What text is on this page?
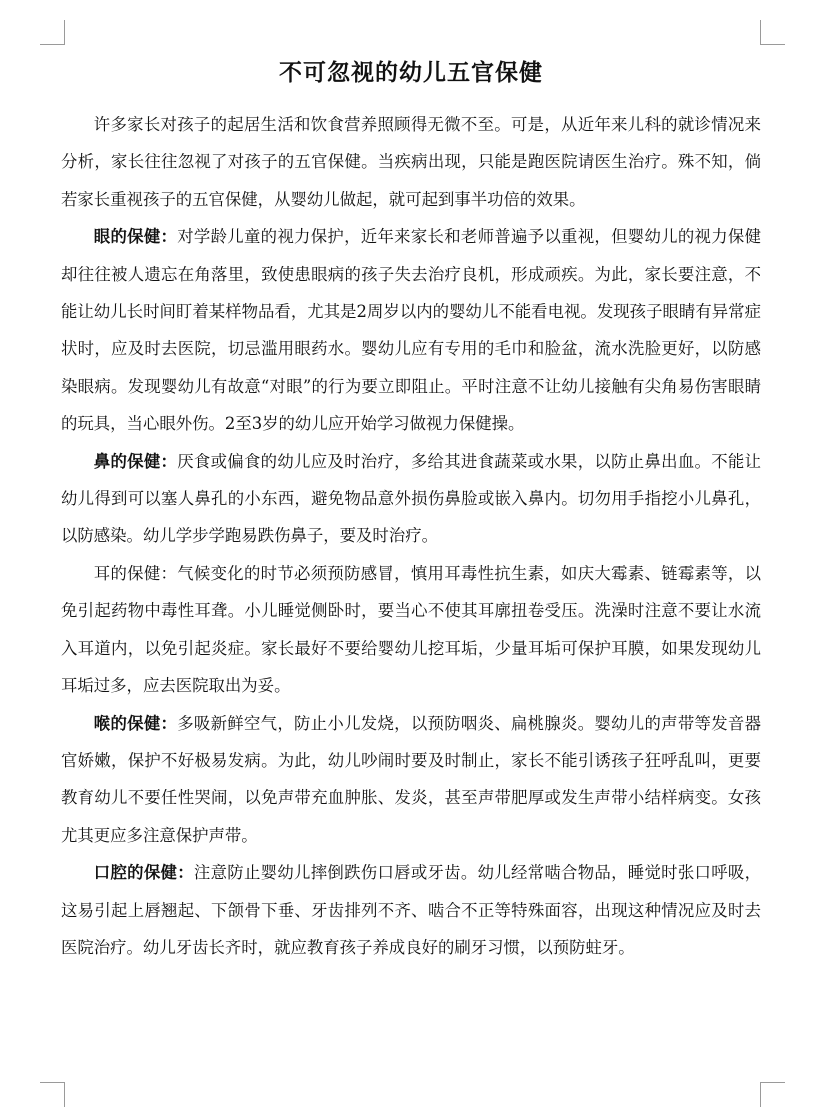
不可忽视的幼儿五官保健

许多家长对孩子的起居生活和饮食营养照顾得无微不至。可是，从近年来儿科的就诊情况来分析，家长往往忽视了对孩子的五官保健。当疾病出现，只能是跑医院请医生治疗。殊不知，倘若家长重视孩子的五官保健，从婴幼儿做起，就可起到事半功倍的效果。

眼的保健：对学龄儿童的视力保护，近年来家长和老师普遍予以重视，但婴幼儿的视力保健却往往被人遗忘在角落里，致使患眼病的孩子失去治疗良机，形成顽疾。为此，家长要注意，不能让幼儿长时间盯着某样物品看，尤其是2周岁以内的婴幼儿不能看电视。发现孩子眼睛有异常症状时，应及时去医院，切忌滥用眼药水。婴幼儿应有专用的毛巾和脸盆，流水洗脸更好，以防感染眼病。发现婴幼儿有故意“对眼”的行为要立即阻止。平时注意不让幼儿接触有尖角易伤害眼睛的玩具，当心眼外伤。2至3岁的幼儿应开始学习做视力保健操。

鼻的保健：厌食或偏食的幼儿应及时治疗，多给其进食蔬菜或水果，以防止鼻出血。不能让幼儿得到可以塞人鼻孔的小东西，避免物品意外损伤鼻脸或嵌入鼻内。切勿用手指挖小儿鼻孔，以防感染。幼儿学步学跑易跌伤鼻子，要及时治疗。

耳的保健：气候变化的时节必须预防感冒，慎用耳毒性抗生素，如庆大霉素、链霉素等，以免引起药物中毒性耳聋。小儿睡觉侧卧时，要当心不使其耳廓扭卷受压。洗澡时注意不要让水流入耳道内，以免引起炎症。家长最好不要给婴幼儿挖耳垢，少量耳垢可保护耳膜，如果发现幼儿耳垢过多，应去医院取出为妥。

喉的保健：多吸新鲜空气，防止小儿发烧，以预防咽炎、扁桃腺炎。婴幼儿的声带等发音器官娇嫩，保护不好极易发病。为此，幼儿吵闹时要及时制止，家长不能引诱孩子狂呼乱叫，更要教育幼儿不要任性哭闹，以免声带充血肿胀、发炎，甚至声带肥厚或发生声带小结样病变。女孩尤其更应多注意保护声带。

口腔的保健：注意防止婴幼儿摔倒跌伤口唇或牙齿。幼儿经常啮合物品，睡觉时张口呼吸，这易引起上唇翘起、下颌骨下垂、牙齿排列不齐、啮合不正等特殊面容，出现这种情况应及时去医院治疗。幼儿牙齿长齐时，就应教育孩子养成良好的刷牙习惯，以预防蛀牙。
